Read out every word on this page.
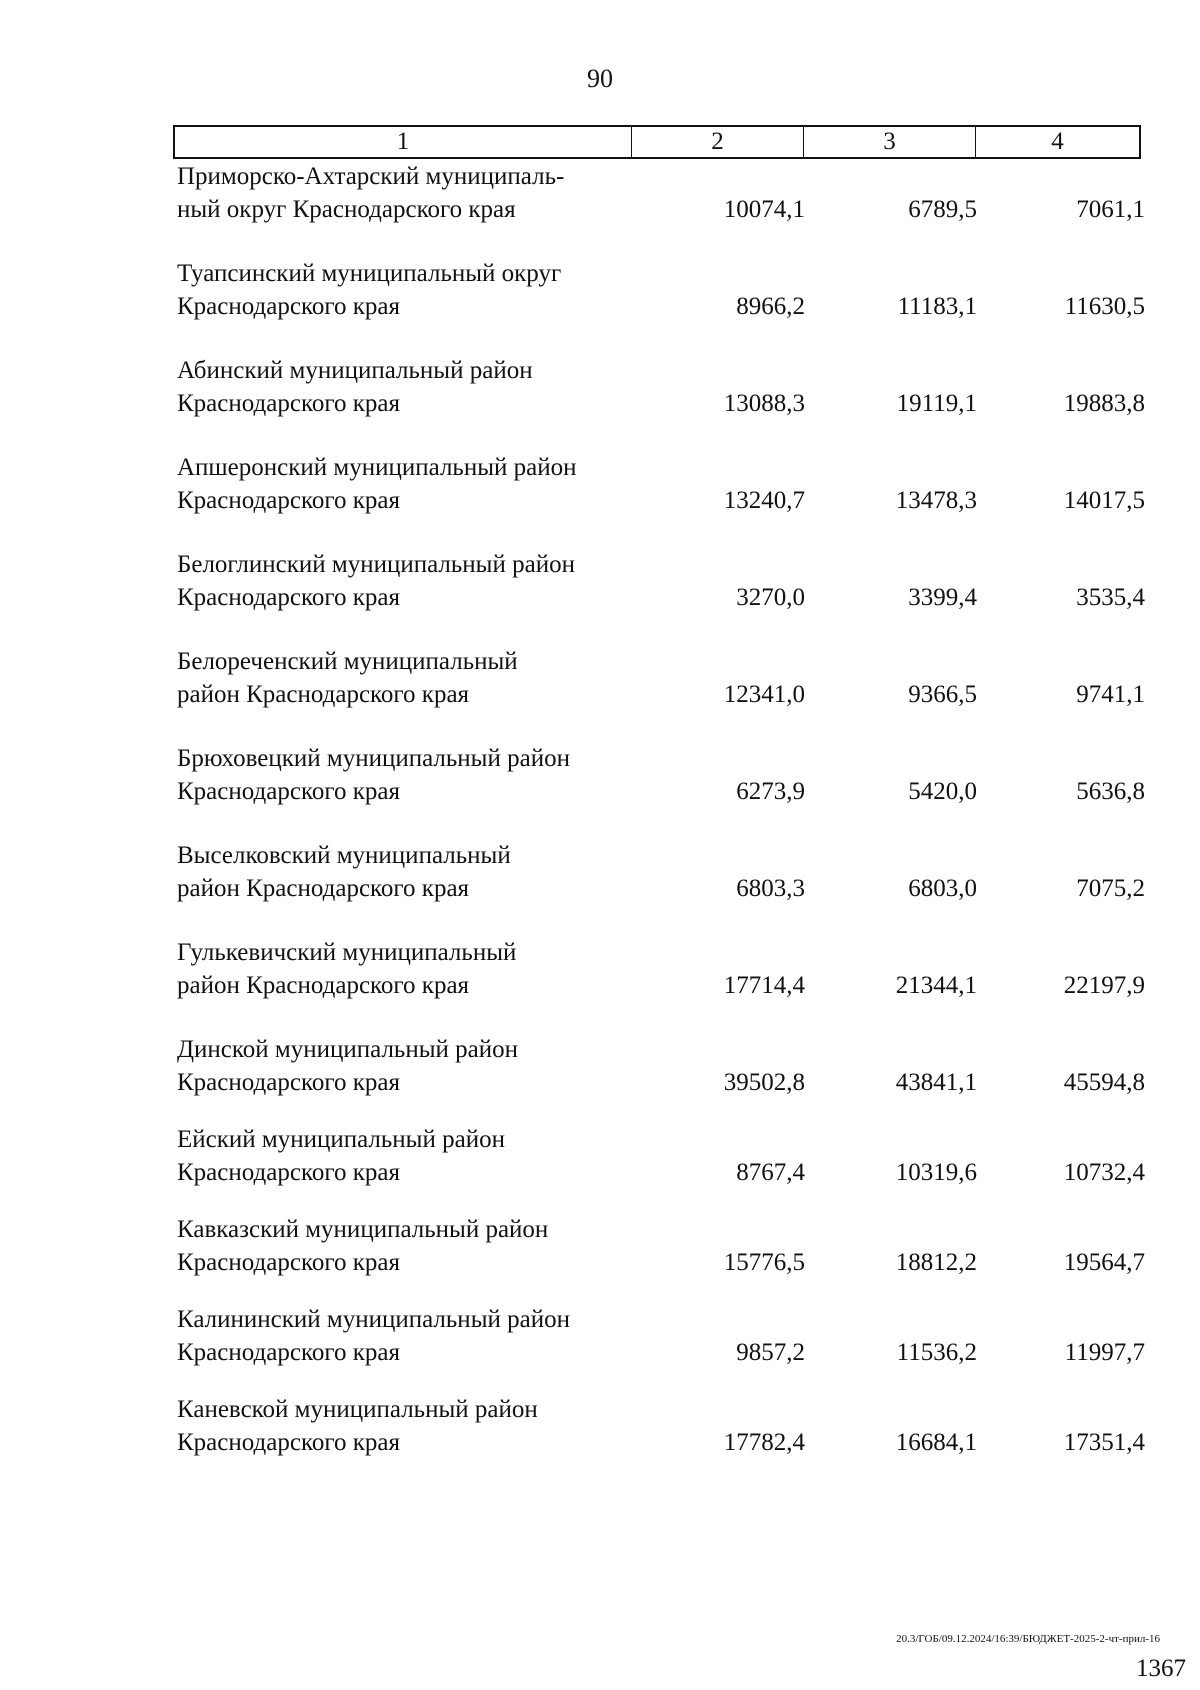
90
1	2	3	4
Приморско-Ахтарский муниципаль-
ный округ Краснодарского края	10074,1	6789,5	7061,1
Туапсинский муниципальный округ
Краснодарского края	8966,2	11183,1	11630,5
Абинский муниципальный район
Краснодарского края	13088,3	19119,1	19883,8
Апшеронский муниципальный район
Краснодарского края	13240,7	13478,3	14017,5
Белоглинский муниципальный район
Краснодарского края	3270,0	3399,4	3535,4
Белореченский муниципальный
район Краснодарского края	12341,0	9366,5	9741,1
Брюховецкий муниципальный район
Краснодарского края	6273,9	5420,0	5636,8
Выселковский муниципальный
район Краснодарского края	6803,3	6803,0	7075,2
Гулькевичский муниципальный
район Краснодарского края	17714,4	21344,1	22197,9
Динской муниципальный район
Краснодарского края	39502,8	43841,1	45594,8
Ейский муниципальный район
Краснодарского края	8767,4	10319,6	10732,4
Кавказский муниципальный район
Краснодарского края	15776,5	18812,2	19564,7
Калининский муниципальный район
Краснодарского края	9857,2	11536,2	11997,7
Каневской муниципальный район
Краснодарского края	17782,4	16684,1	17351,4
20.3/ГОБ/09.12.2024/16:39/БЮДЖЕТ-2025-2-чт-прил-16
1367
